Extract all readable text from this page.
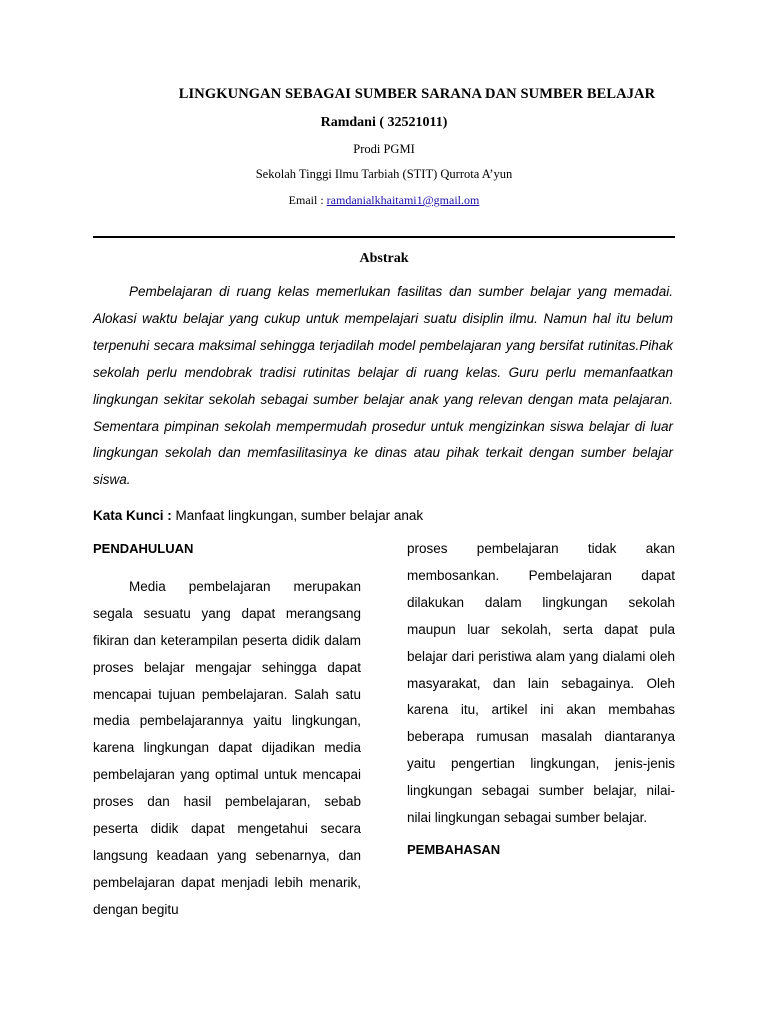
LINGKUNGAN SEBAGAI SUMBER SARANA DAN SUMBER BELAJAR
Ramdani ( 32521011)
Prodi PGMI
Sekolah Tinggi Ilmu Tarbiah (STIT) Qurrota A’yun
Email : ramdanialkhaitami1@gmail.om
Abstrak

Pembelajaran di ruang kelas memerlukan fasilitas dan sumber belajar yang memadai. Alokasi waktu belajar yang cukup untuk mempelajari suatu disiplin ilmu. Namun hal itu belum terpenuhi secara maksimal sehingga terjadilah model pembelajaran yang bersifat rutinitas.Pihak sekolah perlu mendobrak tradisi rutinitas belajar di ruang kelas. Guru perlu memanfaatkan lingkungan sekitar sekolah sebagai sumber belajar anak yang relevan dengan mata pelajaran. Sementara pimpinan sekolah mempermudah prosedur untuk mengizinkan siswa belajar di luar lingkungan sekolah dan memfasilitasinya ke dinas atau pihak terkait dengan sumber belajar siswa.

Kata Kunci : Manfaat lingkungan, sumber belajar anak
PENDAHULUAN

Media pembelajaran merupakan segala sesuatu yang dapat merangsang fikiran dan keterampilan peserta didik dalam proses belajar mengajar sehingga dapat mencapai tujuan pembelajaran. Salah satu media pembelajarannya yaitu lingkungan, karena lingkungan dapat dijadikan media pembelajaran yang optimal untuk mencapai proses dan hasil pembelajaran, sebab peserta didik dapat mengetahui secara langsung keadaan yang sebenarnya, dan pembelajaran dapat menjadi lebih menarik, dengan begitu

proses pembelajaran tidak akan membosankan. Pembelajaran dapat dilakukan dalam lingkungan sekolah maupun luar sekolah, serta dapat pula belajar dari peristiwa alam yang dialami oleh masyarakat, dan lain sebagainya. Oleh karena itu, artikel ini akan membahas beberapa rumusan masalah diantaranya yaitu pengertian lingkungan, jenis-jenis lingkungan sebagai sumber belajar, nilai-nilai lingkungan sebagai sumber belajar.

PEMBAHASAN
